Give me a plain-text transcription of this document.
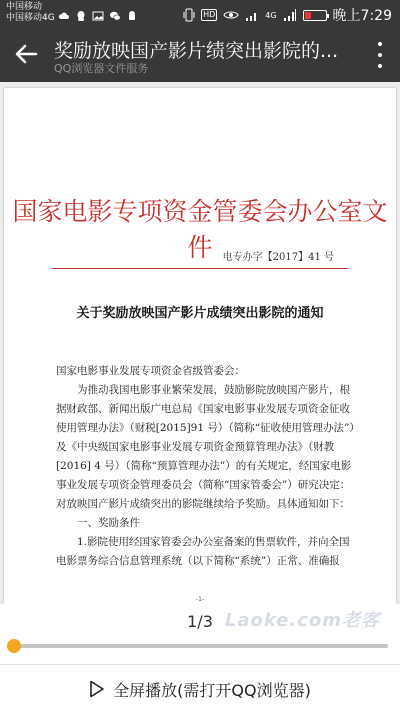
中国移动
中国移动4G	HD	4G	晚上7:29
奖励放映国产影片绩突出影院的...
QQ浏览器文件服务
国家电影专项资金管委会办公室文件	电专办字【2017】41 号
关于奖励放映国产影片成绩突出影院的通知

国家电影事业发展专项资金省级管委会：

为推动我国电影事业繁荣发展，鼓励影院放映国产影片，根据财政部、新闻出版广电总局《国家电影事业发展专项资金征收使用管理办法》（财税[2015]91 号）（简称“征收使用管理办法”）及《中央级国家电影事业发展专项资金预算管理办法》（财教[2016] 4 号）（简称“预算管理办法”）的有关规定，经国家电影事业发展专项资金管理委员会（简称“国家管委会”）研究决定：对放映国产影片成绩突出的影院继续给予奖励。具体通知如下：

一、奖励条件

1.影院使用经国家管委会办公室备案的售票软件，并向全国电影票务综合信息管理系统（以下简称“系统”）正常、准确报

-1-
Laoke.com老客
1/3
全屏播放(需打开QQ浏览器)
